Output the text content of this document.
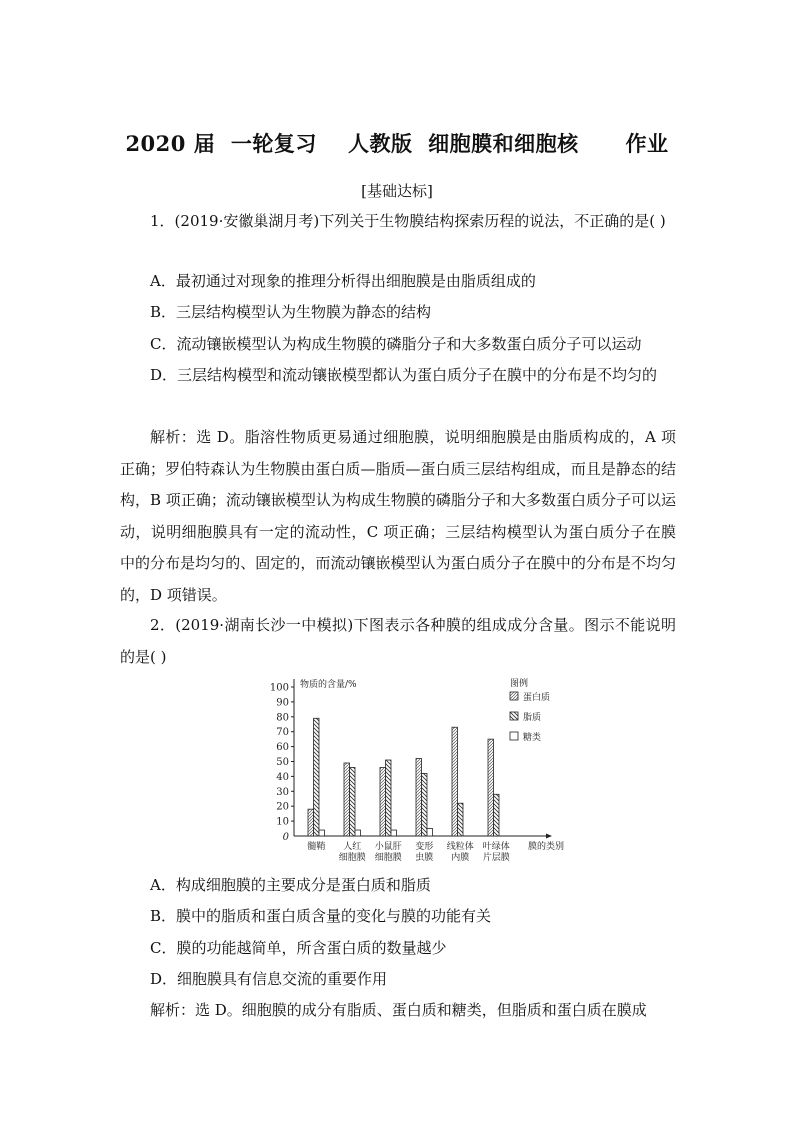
2020 届  一轮复习    人教版  细胞膜和细胞核      作业
[基础达标]

1．(2019·安徽巢湖月考)下列关于生物膜结构探索历程的说法，不正确的是( )

A．最初通过对现象的推理分析得出细胞膜是由脂质组成的

B．三层结构模型认为生物膜为静态的结构

C．流动镶嵌模型认为构成生物膜的磷脂分子和大多数蛋白质分子可以运动

D．三层结构模型和流动镶嵌模型都认为蛋白质分子在膜中的分布是不均匀的

解析：选 D。脂溶性物质更易通过细胞膜，说明细胞膜是由脂质构成的，A 项正确；罗伯特森认为生物膜由蛋白质—脂质—蛋白质三层结构组成，而且是静态的结构，B 项正确；流动镶嵌模型认为构成生物膜的磷脂分子和大多数蛋白质分子可以运动，说明细胞膜具有一定的流动性，C 项正确；三层结构模型认为蛋白质分子在膜中的分布是均匀的、固定的，而流动镶嵌模型认为蛋白质分子在膜中的分布是不均匀的，D 项错误。

2．(2019·湖南长沙一中模拟)下图表示各种膜的组成成分含量。图示不能说明的是( )

10
20
30
40
50
60
70
80
90
100
0
物质的含量/%
髓鞘 人红
细胞膜
小鼠肝
细胞膜
变形
虫膜
线粒体
内膜
叶绿体
片层膜
膜的类别
图例
蛋白质
脂质
糖类

A．构成细胞膜的主要成分是蛋白质和脂质

B．膜中的脂质和蛋白质含量的变化与膜的功能有关

C．膜的功能越简单，所含蛋白质的数量越少

D．细胞膜具有信息交流的重要作用

解析：选 D。细胞膜的成分有脂质、蛋白质和糖类，但脂质和蛋白质在膜成
